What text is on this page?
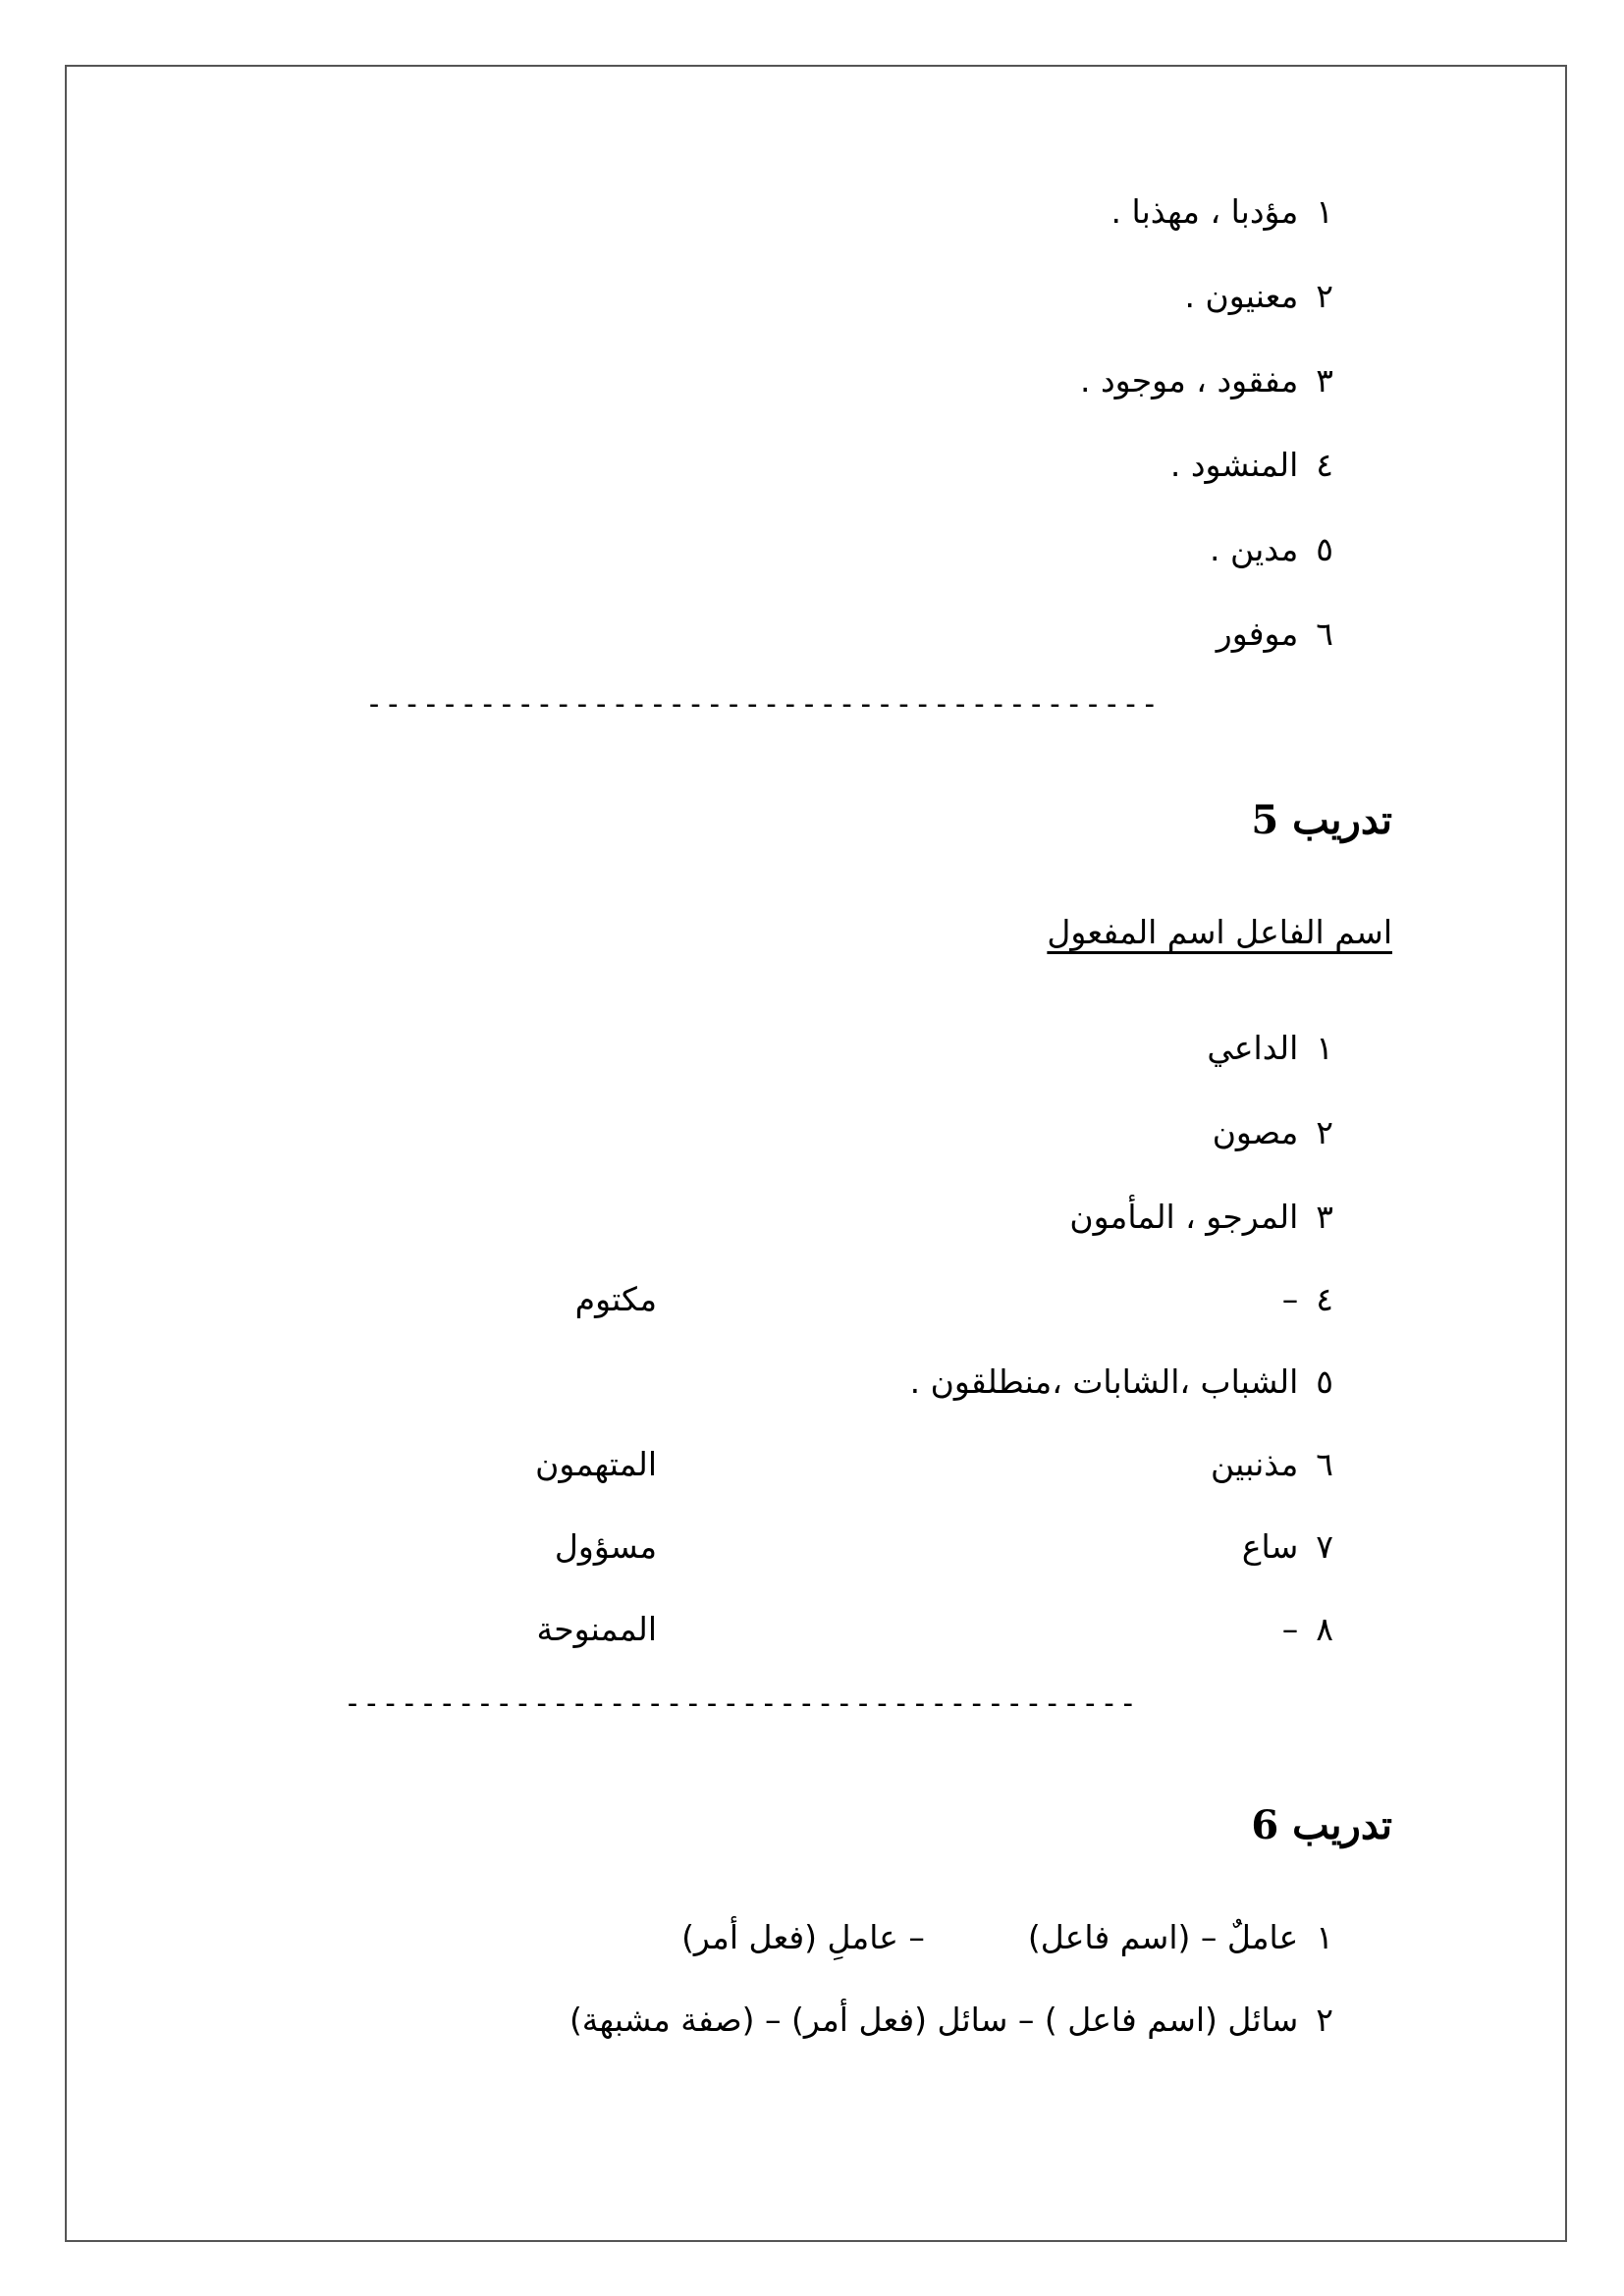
١مؤدبا ، مهذبا .
٢معنيون .
٣مفقود ، موجود .
٤المنشود .
٥مدين .
٦موفور
------------------------------------------
تدريب 5
اسم الفاعل اسم المفعول
١الداعي
٢مصون
٣المرجو ، المأمون
٤–
مكتوم
٥الشباب ،الشابات ،منطلقون .
٦مذنبين
المتهمون
٧ساع
مسؤول
٨–
الممنوحة
------------------------------------------
تدريب 6
١عاملٌ – (اسم فاعل)          – عاملِ (فعل أمر)
٢سائل (اسم فاعل ) – سائل (فعل أمر) – (صفة مشبهة)
